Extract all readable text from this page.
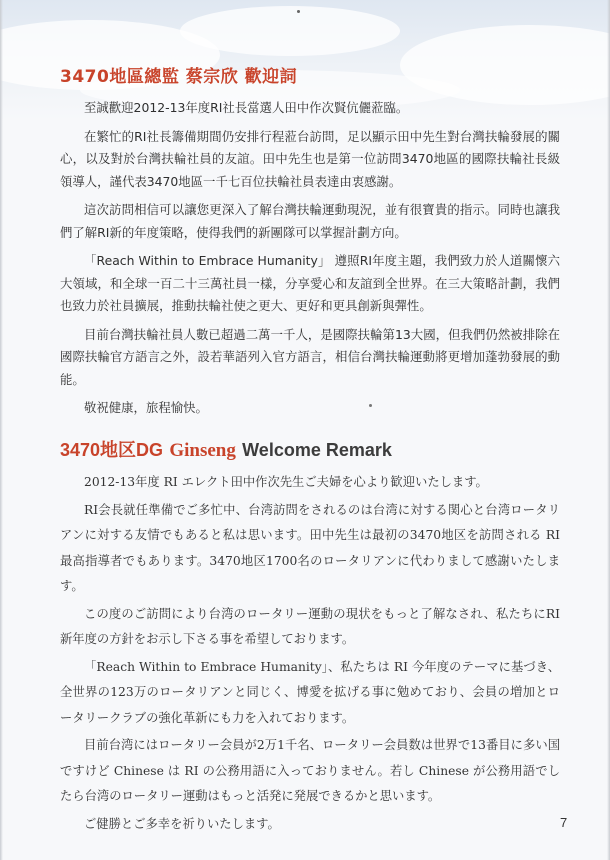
3470地區總監 蔡宗欣 歡迎詞

至誠歡迎2012-13年度RI社長當選人田中作次賢伉儷蒞臨。

在繁忙的RI社長籌備期間仍安排行程蒞台訪問，足以顯示田中先生對台灣扶輪發展的關心，以及對於台灣扶輪社員的友誼。田中先生也是第一位訪問3470地區的國際扶輪社長級領導人，謹代表3470地區一千七百位扶輪社員表達由衷感謝。

這次訪問相信可以讓您更深入了解台灣扶輪運動現況，並有很寶貴的指示。同時也讓我們了解RI新的年度策略，使得我們的新團隊可以掌握計劃方向。

「Reach Within to Embrace Humanity」 遵照RI年度主題，我們致力於人道關懷六大領域，和全球一百二十三萬社員一樣，分享愛心和友誼到全世界。在三大策略計劃，我們也致力於社員擴展，推動扶輪社使之更大、更好和更具創新與彈性。

目前台灣扶輪社員人數已超過二萬一千人，是國際扶輪第13大國，但我們仍然被排除在國際扶輪官方語言之外，設若華語列入官方語言，相信台灣扶輪運動將更增加蓬勃發展的動能。

敬祝健康，旅程愉快。

3470地区DG Ginseng Welcome Remark

2012-13年度 RI エレクト田中作次先生ご夫婦を心より歓迎いたします。

RI会長就任準備でご多忙中、台湾訪問をされるのは台湾に対する関心と台湾ロータリアンに対する友情でもあると私は思います。田中先生は最初の3470地区を訪問される RI 最高指導者でもあります。3470地区1700名のロータリアンに代わりまして感謝いたします。

この度のご訪問により台湾のロータリー運動の現状をもっと了解なされ、私たちにRI新年度の方針をお示し下さる事を希望しております。

「Reach Within to Embrace Humanity」、私たちは RI 今年度のテーマに基づき、全世界の123万のロータリアンと同じく、博愛を拡げる事に勉めており、会員の増加とロータリークラブの強化革新にも力を入れております。

目前台湾にはロータリー会員が2万1千名、ロータリー会員数は世界で13番目に多い国ですけど Chinese は RI の公務用語に入っておりません。若し Chinese が公務用語でしたら台湾のロータリー運動はもっと活発に発展できるかと思います。

ご健勝とご多幸を祈りいたします。	7
